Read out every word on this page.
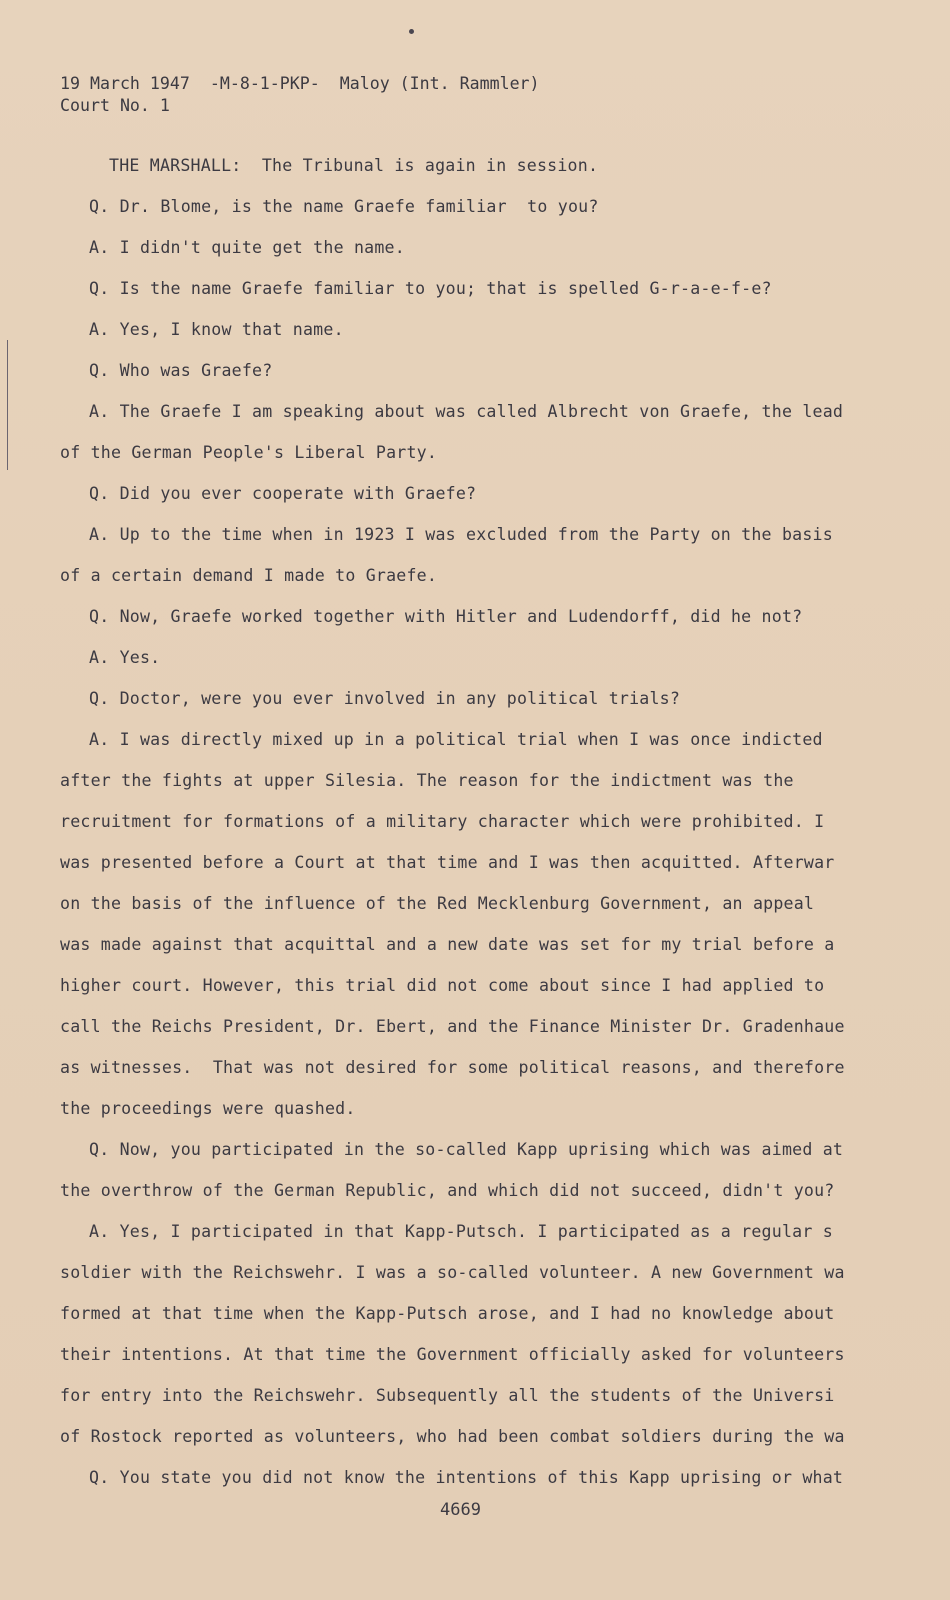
19 March 1947  -M-8-1-PKP-  Maloy (Int. Rammler)
Court No. 1
THE MARSHALL:  The Tribunal is again in session.
Q. Dr. Blome, is the name Graefe familiar  to you?
A. I didn't quite get the name.
Q. Is the name Graefe familiar to you; that is spelled G-r-a-e-f-e?
A. Yes, I know that name.
Q. Who was Graefe?
A. The Graefe I am speaking about was called Albrecht von Graefe, the lead
of the German People's Liberal Party.
Q. Did you ever cooperate with Graefe?
A. Up to the time when in 1923 I was excluded from the Party on the basis
of a certain demand I made to Graefe.
Q. Now, Graefe worked together with Hitler and Ludendorff, did he not?
A. Yes.
Q. Doctor, were you ever involved in any political trials?
A. I was directly mixed up in a political trial when I was once indicted
after the fights at upper Silesia. The reason for the indictment was the
recruitment for formations of a military character which were prohibited. I
was presented before a Court at that time and I was then acquitted. Afterwar
on the basis of the influence of the Red Mecklenburg Government, an appeal
was made against that acquittal and a new date was set for my trial before a
higher court. However, this trial did not come about since I had applied to
call the Reichs President, Dr. Ebert, and the Finance Minister Dr. Gradenhaue
as witnesses.  That was not desired for some political reasons, and therefore
the proceedings were quashed.
Q. Now, you participated in the so-called Kapp uprising which was aimed at
the overthrow of the German Republic, and which did not succeed, didn't you?
A. Yes, I participated in that Kapp-Putsch. I participated as a regular s
soldier with the Reichswehr. I was a so-called volunteer. A new Government wa
formed at that time when the Kapp-Putsch arose, and I had no knowledge about
their intentions. At that time the Government officially asked for volunteers
for entry into the Reichswehr. Subsequently all the students of the Universi
of Rostock reported as volunteers, who had been combat soldiers during the wa
Q. You state you did not know the intentions of this Kapp uprising or what
4669
